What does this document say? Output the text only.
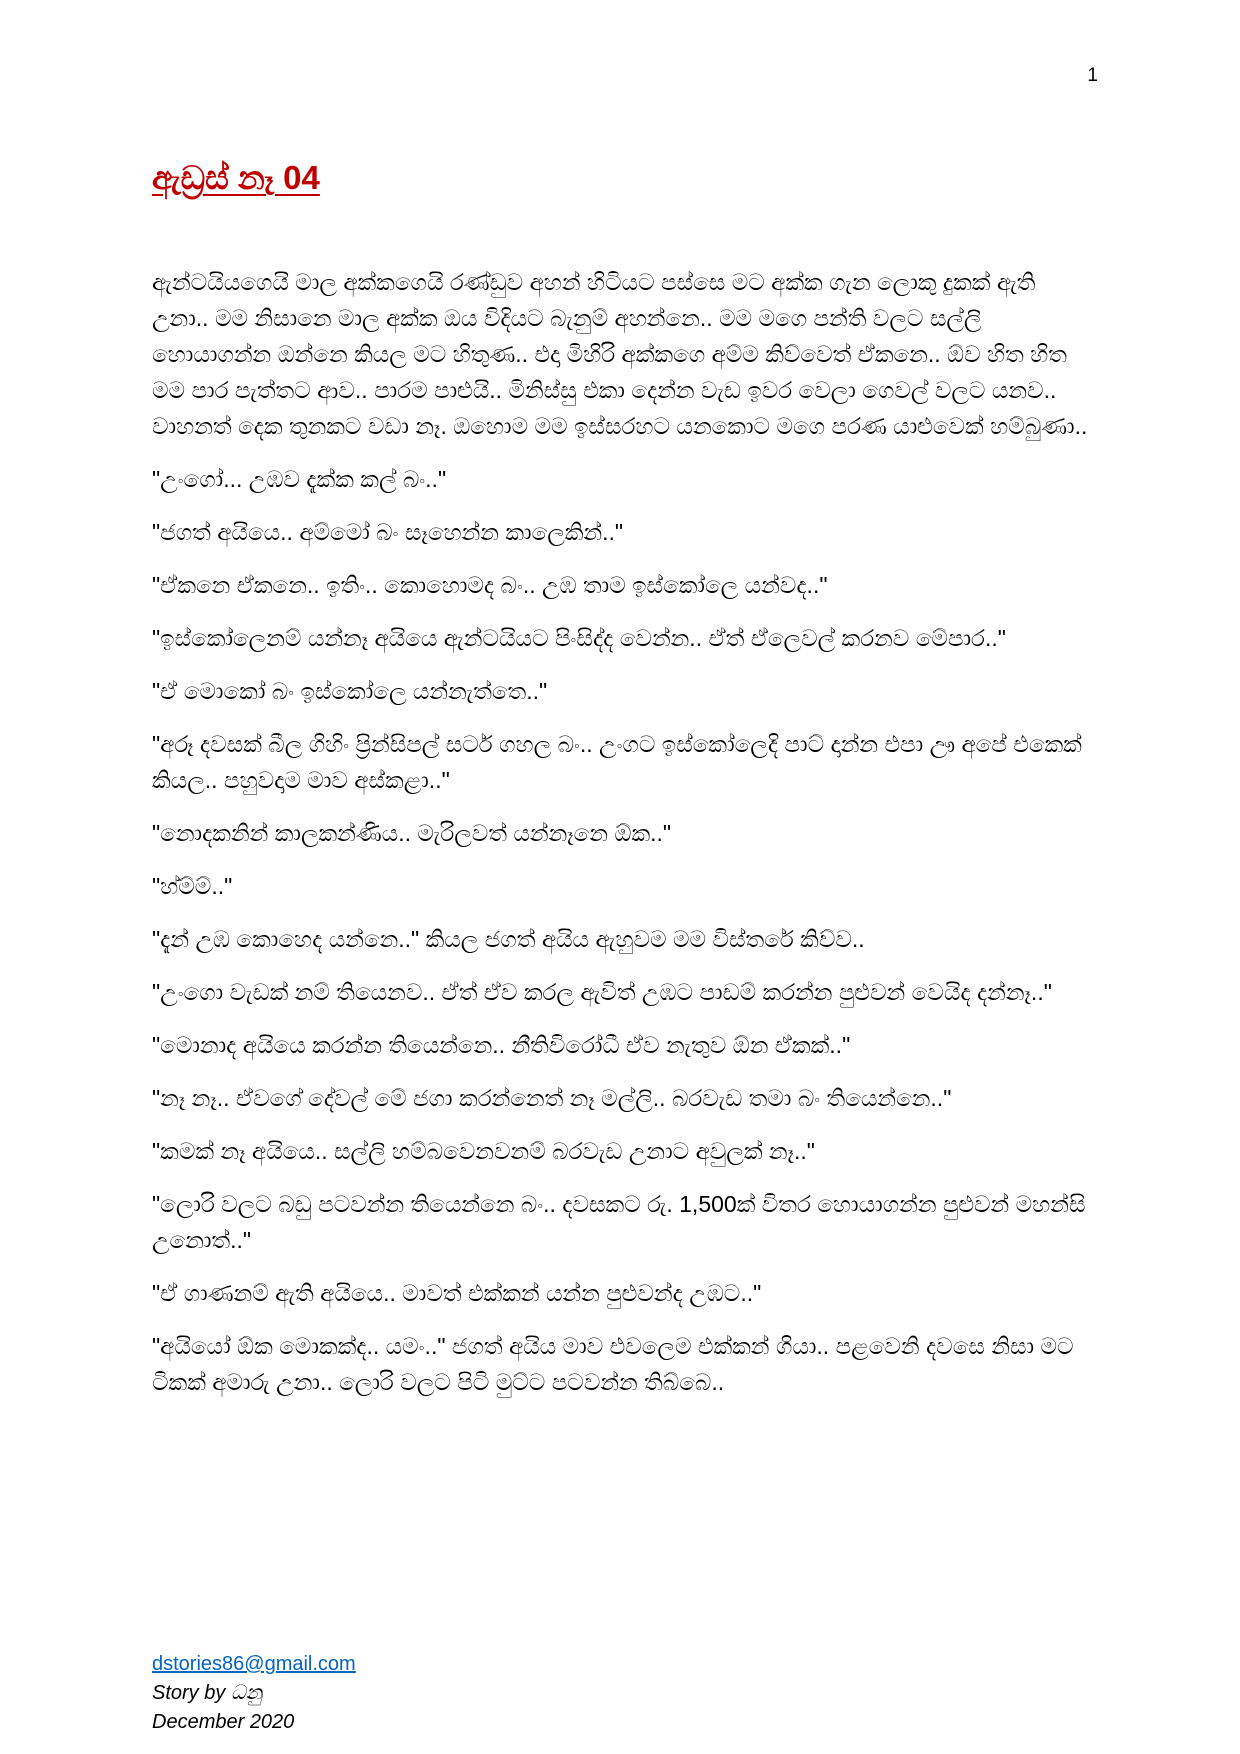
1
ඇඩ්‍රස් නෑ 04

ඇන්ටයියගෙයි මාල අක්කගෙයි රණ්ඩුව අහන් හිටියට පස්සෙ මට අක්ක ගැන ලොකු දුකක් ඇති උනා.. මම නිසානෙ මාල අක්ක ඔය විදියට බැනුම් අහන්නෙ.. මම මගෙ පන්ති වලට සල්ලි හොයාගන්න ඔන්නෙ කියල මට හිතුණ.. එදා මිහිරි අක්කගෙ අම්ම කිව්වෙත් ඒකනෙ.. ඕව හිත හිත මම පාර පැත්තට ආව.. පාරම පාළුයි.. මිනිස්සු එකා දෙන්න වැඩ ඉවර වෙලා ගෙවල් වලට යනව.. වාහනත් දෙක තුනකට වඩා නෑ. ඔහොම මම ඉස්සරහට යනකොට මගෙ පරණ යාළුවෙක් හම්බුණා..

"උංගෝ... උඹව දැක්ක කල් බං.."

"ජගත් අයියෙ.. අම්මෝ බං සෑහෙන්න කාලෙකින්.."

"ඒකනෙ ඒකනෙ.. ඉතිං.. කොහොමද බං.. උඹ තාම ඉස්කෝලෙ යන්වද.."

"ඉස්කෝලෙනම් යන්නෑ අයියෙ ඇන්ටයියට පිංසිද්ද වෙන්න.. ඒත් ඒලෙවල් කරනව මේපාර.."

"ඒ මොකෝ බං ඉස්කෝලෙ යන්නැත්තෙ.."

"අරූ දවසක් බීල ගිහිං ප්‍රින්සිපල් සර්ට ගහල බං.. උංගට ඉස්කෝලෙදි පාට් දාන්න එපා ඌ අපේ එකෙක් කියල.. පහුවදාම මාව අස්කළා.."

"නොදකනින් කාලකන්ණිය.. මැරිලවත් යන්නෑනෙ ඕක.."

"හ්ම්ම්.."

"දැන් උඹ කොහෙද යන්නෙ.." කියල ජගත් අයිය ඇහුවම මම විස්තරේ කිව්ව..

"උංගො වැඩක් නම් තියෙනව.. ඒත් ඒව කරල ඇවිත් උඹට පාඩම් කරන්න පුළුවන් වෙයිද දන්නෑ.."

"මොනාද අයියෙ කරන්න තියෙන්නෙ.. නීතිවිරෝධී ඒව නැතුව ඕන ඒකක්.."

"නෑ නෑ.. ඒවගේ දේවල් මේ ජගා කරන්නෙත් නෑ මල්ලි.. බරවැඩ තමා බං තියෙන්නෙ.."

"කමක් නෑ අයියෙ.. සල්ලි හම්බවෙනවනම් බරවැඩ උනාට අවුලක් නෑ.."

"ලොරි වලට බඩු පටවන්න තියෙන්නෙ බං.. දවසකට රු. 1,500ක් විතර හොයාගන්න පුළුවන් මහන්සි උනොත්.."

"ඒ ගාණනම් ඇති අයියෙ.. මාවත් එක්කන් යන්න පුළුවන්ද උඹට.."

"අයියෝ ඕක මොකක්ද.. යමං.." ජගත් අයිය මාව එවලෙම එක්කන් ගියා.. පළවෙනි දවසෙ නිසා මට ටිකක් අමාරු උනා.. ලොරි වලට පිටි මුට්ට පටවන්න තිබ්බෙ..

dstories86@gmail.com
Story by ධනු
December 2020
